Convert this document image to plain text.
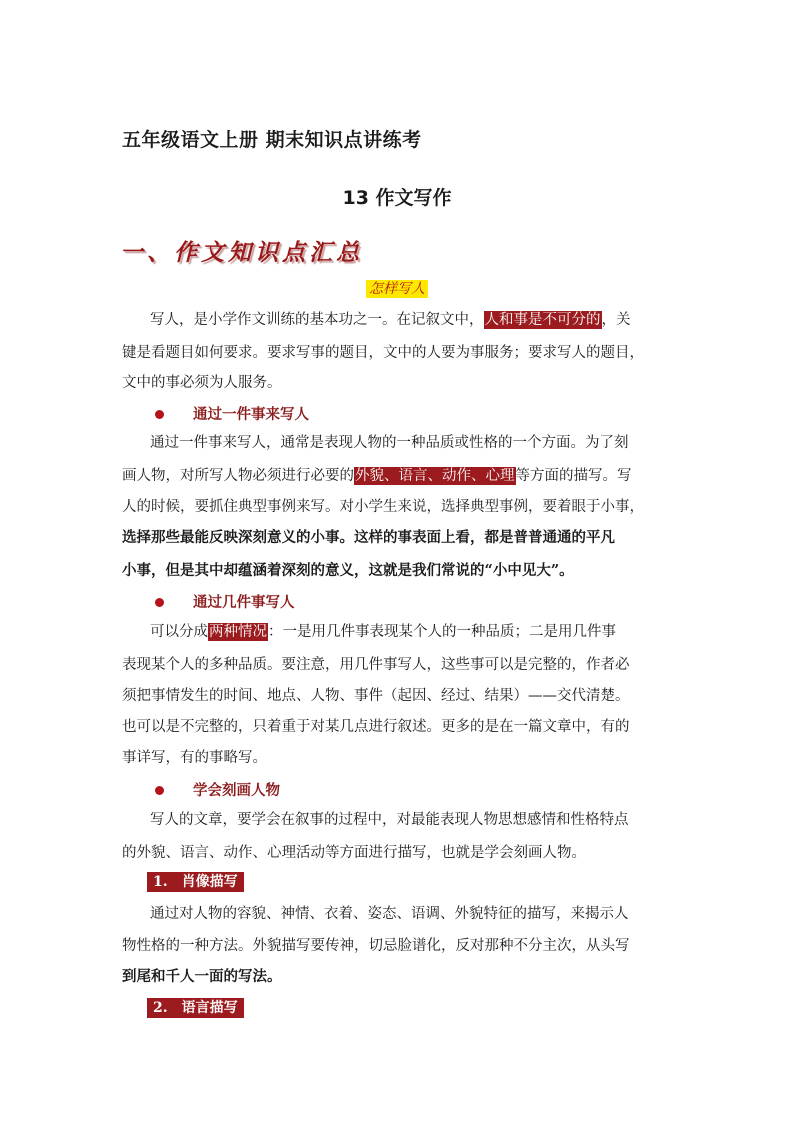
五年级语文上册 期末知识点讲练考
13 作文写作
一、作文知识点汇总
怎样写人
写人，是小学作文训练的基本功之一。在记叙文中，人和事是不可分的，关
键是看题目如何要求。要求写事的题目，文中的人要为事服务；要求写人的题目，
文中的事必须为人服务。
通过一件事来写人
通过一件事来写人，通常是表现人物的一种品质或性格的一个方面。为了刻
画人物，对所写人物必须进行必要的外貌、语言、动作、心理等方面的描写。写
人的时候，要抓住典型事例来写。对小学生来说，选择典型事例，要着眼于小事，
选择那些最能反映深刻意义的小事。这样的事表面上看，都是普普通通的平凡
小事，但是其中却蕴涵着深刻的意义，这就是我们常说的“小中见大”。
通过几件事写人
可以分成两种情况：一是用几件事表现某个人的一种品质；二是用几件事
表现某个人的多种品质。要注意，用几件事写人，这些事可以是完整的，作者必
须把事情发生的时间、地点、人物、事件（起因、经过、结果）——交代清楚。
也可以是不完整的，只着重于对某几点进行叙述。更多的是在一篇文章中，有的
事详写，有的事略写。
学会刻画人物
写人的文章，要学会在叙事的过程中，对最能表现人物思想感情和性格特点
的外貌、语言、动作、心理活动等方面进行描写，也就是学会刻画人物。
1.　肖像描写
通过对人物的容貌、神情、衣着、姿态、语调、外貌特征的描写，来揭示人
物性格的一种方法。外貌描写要传神，切忌脸谱化，反对那种不分主次，从头写
到尾和千人一面的写法。
2.　语言描写
